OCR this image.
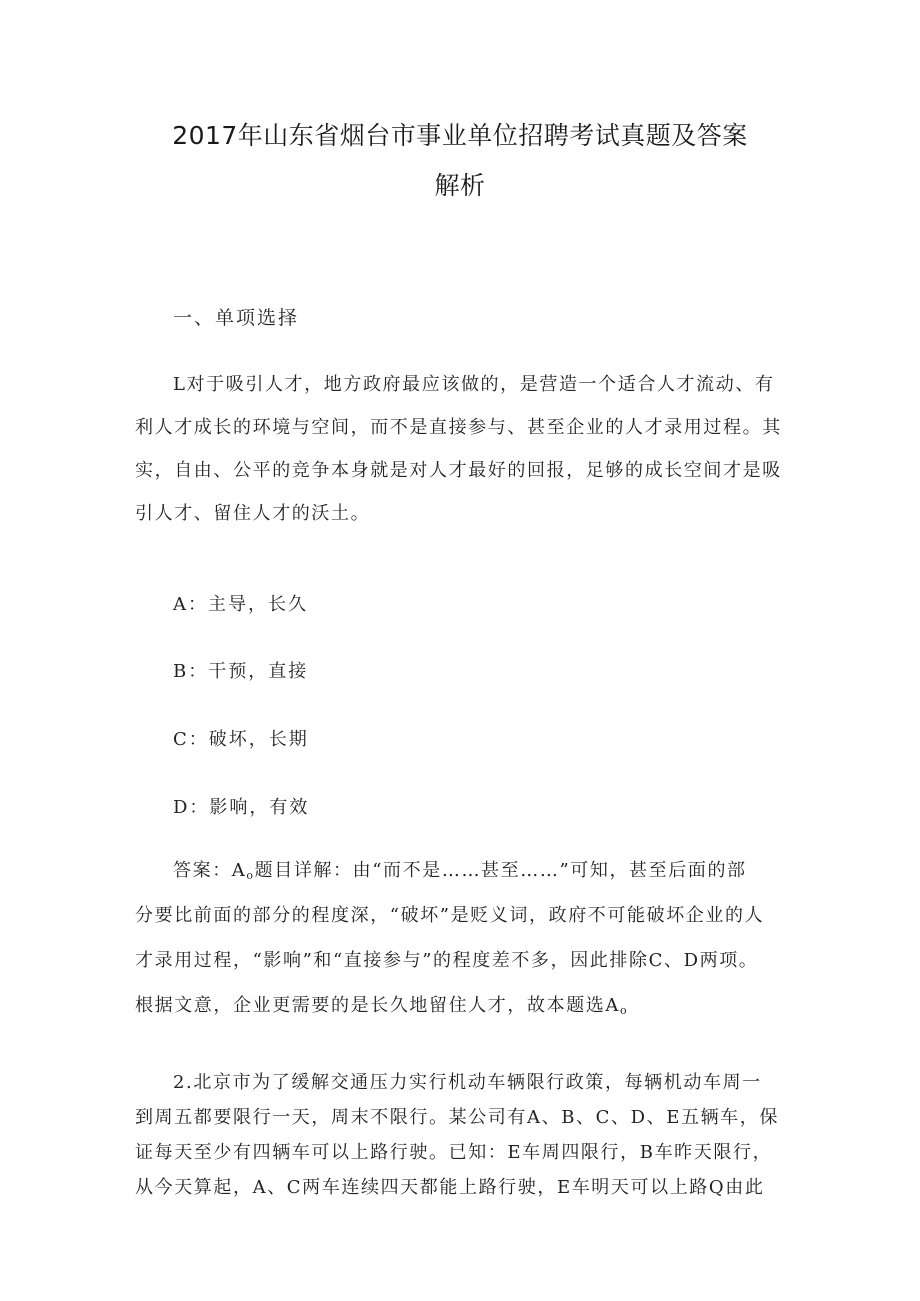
2017年山东省烟台市事业单位招聘考试真题及答案
解析
一、单项选择
L对于吸引人才，地方政府最应该做的，是营造一个适合人才流动、有
利人才成长的环境与空间，而不是直接参与、甚至企业的人才录用过程。其
实，自由、公平的竞争本身就是对人才最好的回报，足够的成长空间才是吸
引人才、留住人才的沃土。

A：主导，长久

B：干预，直接

C：破坏，长期

D：影响，有效

答案：$A_o$题目详解：由“而不是……甚至……”可知，甚至后面的部
分要比前面的部分的程度深，“破坏”是贬义词，政府不可能破坏企业的人
才录用过程，“影响”和“直接参与”的程度差不多，因此排除C、D两项。
根据文意，企业更需要的是长久地留住人才，故本题选$A_o$
2.北京市为了缓解交通压力实行机动车辆限行政策，每辆机动车周一
到周五都要限行一天，周末不限行。某公司有A、B、C、D、E五辆车，保
证每天至少有四辆车可以上路行驶。已知：E车周四限行，B车昨天限行，
从今天算起，A、C两车连续四天都能上路行驶，E车明天可以上路Q由此
